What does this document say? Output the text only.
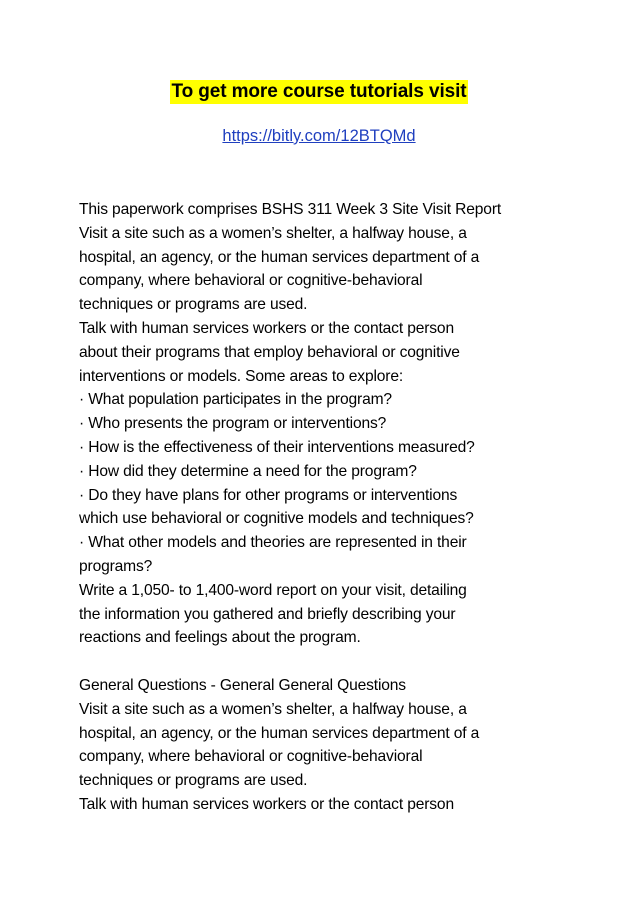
To get more course tutorials visit
https://bitly.com/12BTQMd
This paperwork comprises BSHS 311 Week 3 Site Visit Report
Visit a site such as a women’s shelter, a halfway house, a
hospital, an agency, or the human services department of a
company, where behavioral or cognitive-behavioral
techniques or programs are used.
Talk with human services workers or the contact person
about their programs that employ behavioral or cognitive
interventions or models. Some areas to explore:
· What population participates in the program?
· Who presents the program or interventions?
· How is the effectiveness of their interventions measured?
· How did they determine a need for the program?
· Do they have plans for other programs or interventions
which use behavioral or cognitive models and techniques?
· What other models and theories are represented in their
programs?
Write a 1,050- to 1,400-word report on your visit, detailing
the information you gathered and briefly describing your
reactions and feelings about the program.
General Questions - General General Questions
Visit a site such as a women’s shelter, a halfway house, a
hospital, an agency, or the human services department of a
company, where behavioral or cognitive-behavioral
techniques or programs are used.
Talk with human services workers or the contact person
